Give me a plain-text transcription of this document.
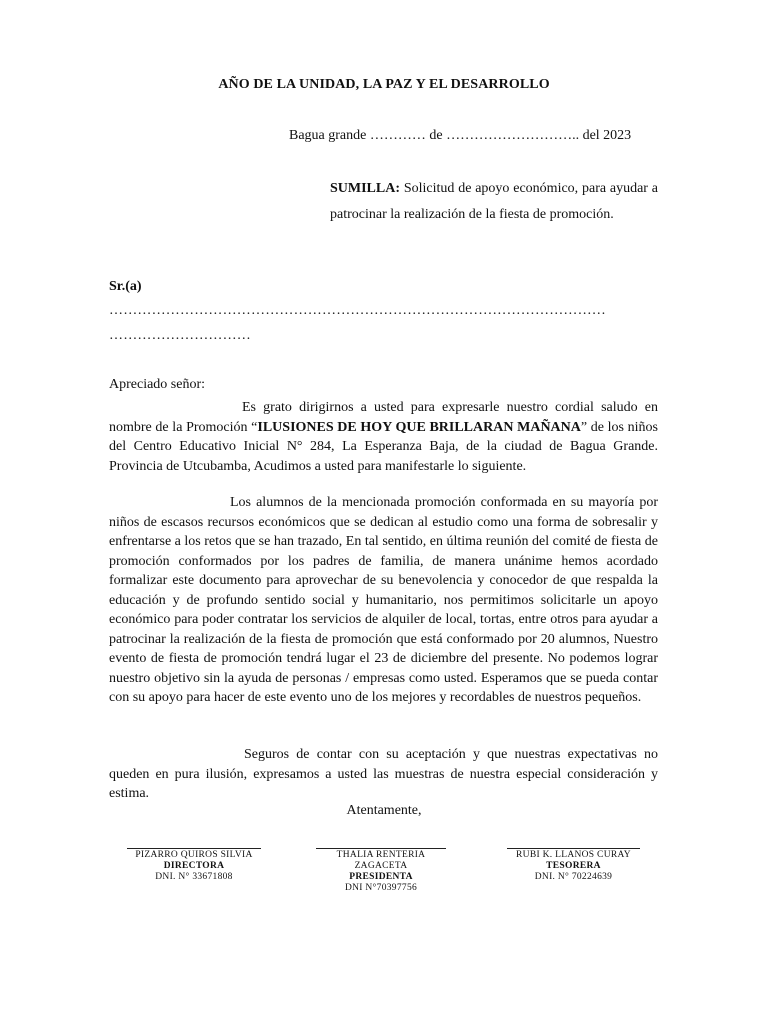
AÑO DE LA UNIDAD, LA PAZ Y EL DESARROLLO
Bagua grande ………… de ……………………….. del 2023
SUMILLA: Solicitud de apoyo económico, para ayudar a patrocinar la realización de la fiesta de promoción.
Sr.(a)
……………………………………………………………………………………………
…………………………
Apreciado señor:
Es grato dirigirnos a usted para expresarle nuestro cordial saludo en nombre de la Promoción “ILUSIONES DE HOY QUE BRILLARAN MAÑANA” de los niños del Centro Educativo Inicial N° 284, La Esperanza Baja, de la ciudad de Bagua Grande. Provincia de Utcubamba, Acudimos a usted para manifestarle lo siguiente.
Los alumnos de la mencionada promoción conformada en su mayoría por niños de escasos recursos económicos que se dedican al estudio como una forma de sobresalir y enfrentarse a los retos que se han trazado, En tal sentido, en última reunión del comité de fiesta de promoción conformados por los padres de familia, de manera unánime hemos acordado formalizar este documento para aprovechar de su benevolencia y conocedor de que respalda la educación y de profundo sentido social y humanitario, nos permitimos solicitarle un apoyo económico para poder contratar los servicios de alquiler de local, tortas, entre otros para ayudar a patrocinar la realización de la fiesta de promoción que está conformado por 20 alumnos, Nuestro evento de fiesta de promoción tendrá lugar el 23 de diciembre del presente. No podemos lograr nuestro objetivo sin la ayuda de personas / empresas como usted. Esperamos que se pueda contar con su apoyo para hacer de este evento uno de los mejores y recordables de nuestros pequeños.
Seguros de contar con su aceptación y que nuestras expectativas no queden en pura ilusión, expresamos a usted las muestras de nuestra especial consideración y estima.
Atentamente,
PIZARRO QUIROS SILVIA
DIRECTORA
DNI. N° 33671808
THALIA RENTERIA
ZAGACETA
PRESIDENTA
DNI N°70397756
RUBI K. LLANOS CURAY
TESORERA
DNI. N° 70224639
